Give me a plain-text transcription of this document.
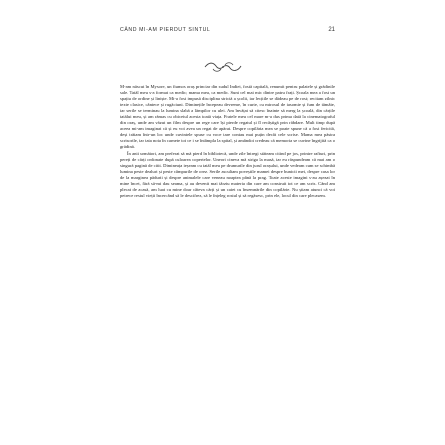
CÂND MI-AM PIERDUT SINTUL	21

M-am născut în Mysore, un fiumos oraș princiar din sudul Indiei, fostă capitală, renumit pentru palatele și grădinile sale. Tatăl meu s-a format ca medic; mama mea, ca medic. Sunt cel mai mic dintre patru frați. Școala mea a fost un spațiu de ordine și liniște. Mi-a fost impusă disciplina strictă a școlii, iar lecțiile se dădeau pe de rost; recitam zilnic texte clasice, cântece și rugăciuni. Diminețile începeau devreme, în curte, cu mirosul de iasomie și fum de tămâie, iar serile se terminau la lumina slabă a lămpilor cu ulei. Am învățat să citesc înainte să merg la școală, din cărțile tatălui meu, și am rămas cu obiceiul acesta toată viața. Fratele meu cel mare m-a dus prima dată la cinematograful din oraș, unde am văzut un film despre un rege care își pierde regatul și îl recâștigă prin răbdare. Mult timp după aceea mi-am imaginat că și eu voi avea un regat de apărat. Despre copilăria mea se poate spune că a fost fericită, deși trăiam într-un loc unde cuvintele spuse cu voce tare contau mai puțin decât cele scrise. Mama mea păstra scrisorile, iar tata nota în carnete tot ce i se întâmpla la spital, și amândoi credeau că memoria se cuvine îngrijită ca o grădină.

În anii următori, am preferat să mă pierd în bibliotecă, unde zile întregi stăteam citind pe jos, printre rafturi, prin pereți de cărți ordonate după culoarea copertelor. Uneori cineva mă striga la masă, iar eu răspundeam că mai am o singură pagină de citit. Dimineața ieșeam cu tatăl meu pe drumurile din jurul orașului, unde vedeam cum se schimbă lumina peste dealuri și peste câmpurile de orez. Serile ascultam poveștile mamei despre bunicii mei, despre casa lor de la marginea pădurii și despre animalele care veneau noaptea până la prag. Toate aceste imagini s-au așezat în mine încet, fără să-mi dau seama, și au devenit mai târziu materia din care am construit tot ce am scris. Când am plecat de acasă, am luat cu mine doar câteva cărți și un caiet cu însemnările din copilărie. Nu știam atunci că voi petrece restul vieții încercând să le descifrez, să le înțeleg rostul și să regăsesc, prin ele, locul din care plecasem.
